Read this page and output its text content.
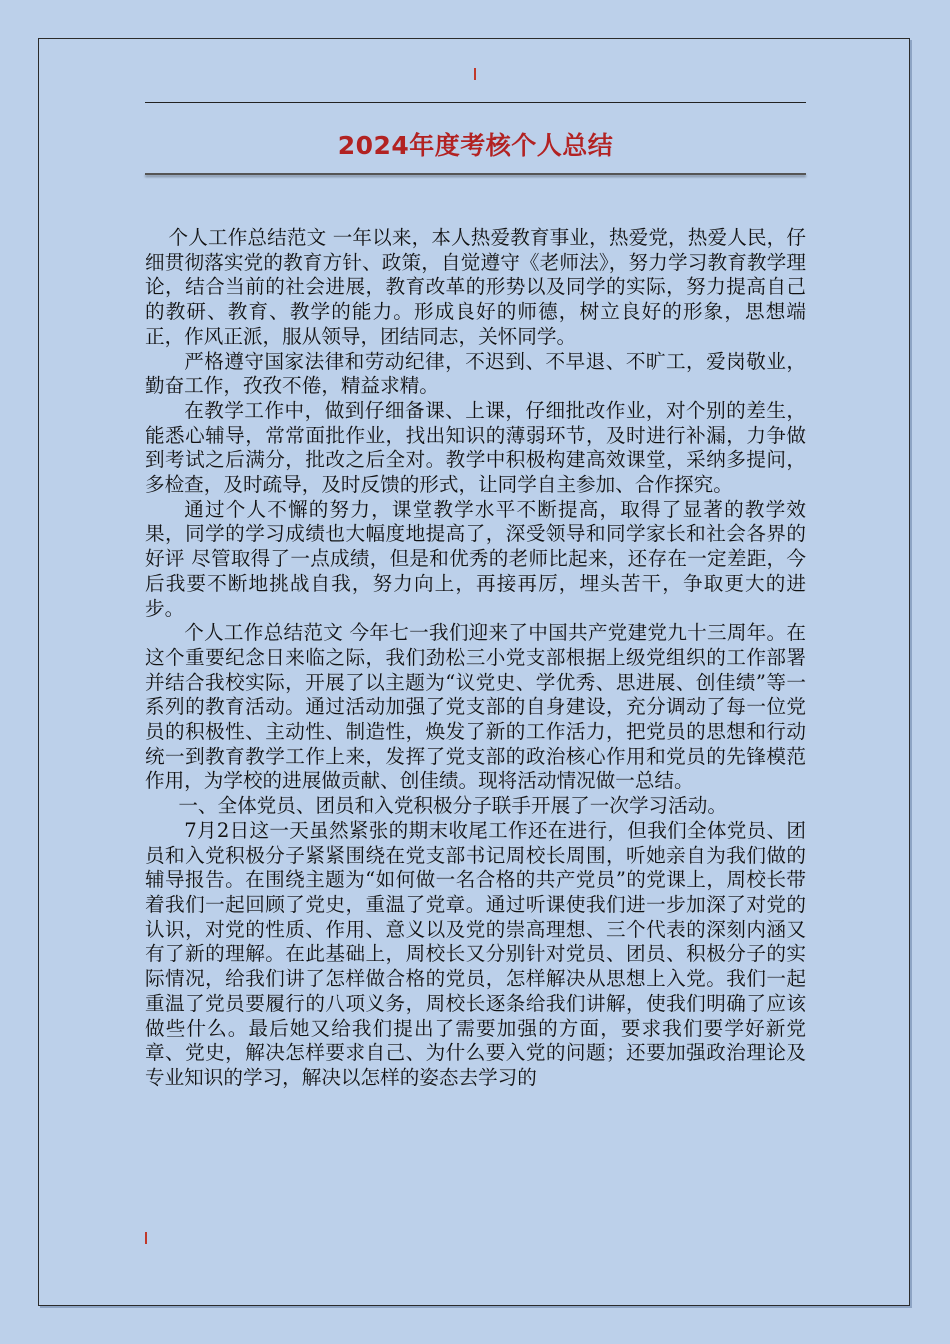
2024年度考核个人总结

个人工作总结范文 一年以来，本人热爱教育事业，热爱党，热爱人民，仔细贯彻落实党的教育方针、政策，自觉遵守《老师法》，努力学习教育教学理论，结合当前的社会进展，教育改革的形势以及同学的实际，努力提高自己的教研、教育、教学的能力。形成良好的师德，树立良好的形象，思想端正，作风正派，服从领导，团结同志，关怀同学。

严格遵守国家法律和劳动纪律，不迟到、不早退、不旷工，爱岗敬业，勤奋工作，孜孜不倦，精益求精。

在教学工作中，做到仔细备课、上课，仔细批改作业，对个别的差生，能悉心辅导，常常面批作业，找出知识的薄弱环节，及时进行补漏，力争做到考试之后满分，批改之后全对。教学中积极构建高效课堂，采纳多提问，多检查，及时疏导，及时反馈的形式，让同学自主参加、合作探究。

通过个人不懈的努力，课堂教学水平不断提高，取得了显著的教学效果，同学的学习成绩也大幅度地提高了，深受领导和同学家长和社会各界的好评 尽管取得了一点成绩，但是和优秀的老师比起来，还存在一定差距，今后我要不断地挑战自我，努力向上，再接再厉，埋头苦干，争取更大的进步。

个人工作总结范文 今年七一我们迎来了中国共产党建党九十三周年。在这个重要纪念日来临之际，我们劲松三小党支部根据上级党组织的工作部署并结合我校实际，开展了以主题为“议党史、学优秀、思进展、创佳绩”等一系列的教育活动。通过活动加强了党支部的自身建设，充分调动了每一位党员的积极性、主动性、制造性，焕发了新的工作活力，把党员的思想和行动统一到教育教学工作上来，发挥了党支部的政治核心作用和党员的先锋模范作用，为学校的进展做贡献、创佳绩。现将活动情况做一总结。

一、全体党员、团员和入党积极分子联手开展了一次学习活动。

7月2日这一天虽然紧张的期末收尾工作还在进行，但我们全体党员、团员和入党积极分子紧紧围绕在党支部书记周校长周围，听她亲自为我们做的辅导报告。在围绕主题为“如何做一名合格的共产党员”的党课上，周校长带着我们一起回顾了党史，重温了党章。通过听课使我们进一步加深了对党的认识，对党的性质、作用、意义以及党的崇高理想、三个代表的深刻内涵又有了新的理解。在此基础上，周校长又分别针对党员、团员、积极分子的实际情况，给我们讲了怎样做合格的党员，怎样解决从思想上入党。我们一起重温了党员要履行的八项义务，周校长逐条给我们讲解，使我们明确了应该做些什么。最后她又给我们提出了需要加强的方面，要求我们要学好新党章、党史，解决怎样要求自己、为什么要入党的问题；还要加强政治理论及专业知识的学习，解决以怎样的姿态去学习的
